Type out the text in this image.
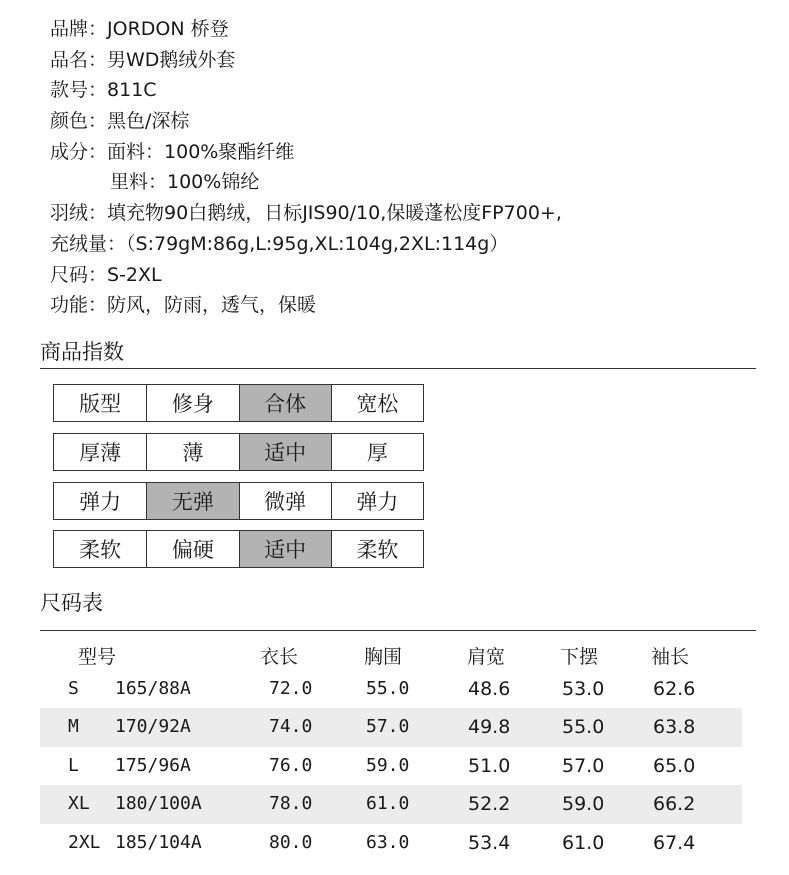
品牌：JORDON 桥登
品名：男WD鹅绒外套
款号：811C
颜色：黑色/深棕
成分：面料：100%聚酯纤维
里料：100%锦纶
羽绒：填充物90白鹅绒，日标JIS90/10,保暖蓬松度FP700+,
充绒量：（S:79gM:86g,L:95g,XL:104g,2XL:114g）
尺码：S-2XL
功能：防风，防雨，透气，保暖
商品指数
版型	修身	合体	宽松
厚薄	薄	适中	厚
弹力	无弹	微弹	弹力
柔软	偏硬	适中	柔软
尺码表
型号	衣长	胸围	肩宽	下摆	袖长
S 165/88A	72.0	55.0	48.6	53.0	62.6
M 170/92A	74.0	57.0	49.8	55.0	63.8
L 175/96A	76.0	59.0	51.0	57.0	65.0
XL 180/100A	78.0	61.0	52.2	59.0	66.2
2XL 185/104A	80.0	63.0	53.4	61.0	67.4
